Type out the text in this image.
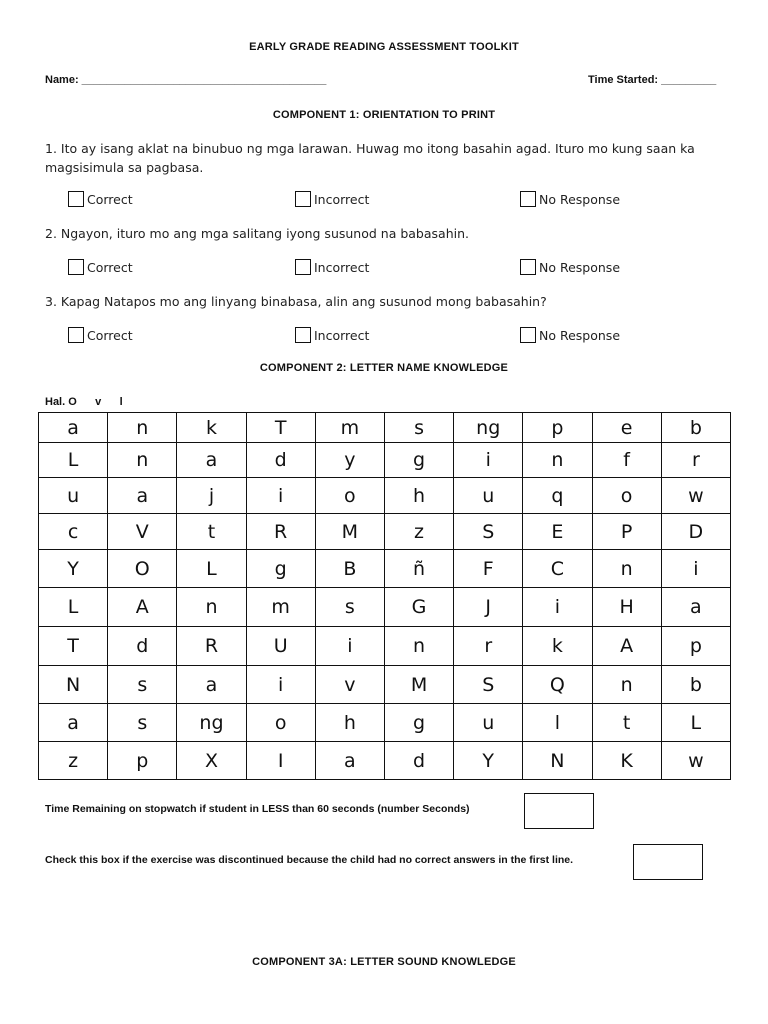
EARLY GRADE READING ASSESSMENT TOOLKIT
Name: ________________________________________	Time Started: _________
COMPONENT 1: ORIENTATION TO PRINT
1. Ito ay isang aklat na binubuo ng mga larawan. Huwag mo itong basahin agad. Ituro mo kung saan ka magsisimula sa pagbasa.
Correct	Incorrect	No Response
2. Ngayon, ituro mo ang mga salitang iyong susunod na babasahin.
Correct	Incorrect	No Response
3. Kapag Natapos mo ang linyang binabasa, alin ang susunod mong babasahin?
Correct	Incorrect	No Response
COMPONENT 2: LETTER NAME KNOWLEDGE
Hal. O      v      l
a	n	k	T	m	s	ng	p	e	b
L	n	a	d	y	g	i	n	f	r
u	a	j	i	o	h	u	q	o	w
c	V	t	R	M	z	S	E	P	D
Y	O	L	g	B	ñ	F	C	n	i
L	A	n	m	s	G	J	i	H	a
T	d	R	U	i	n	r	k	A	p
N	s	a	i	v	M	S	Q	n	b
a	s	ng	o	h	g	u	l	t	L
z	p	X	I	a	d	Y	N	K	w
Time Remaining on stopwatch if student in LESS than 60 seconds (number Seconds)
Check this box if the exercise was discontinued because the child had no correct answers in the first line.
COMPONENT 3A: LETTER SOUND KNOWLEDGE
